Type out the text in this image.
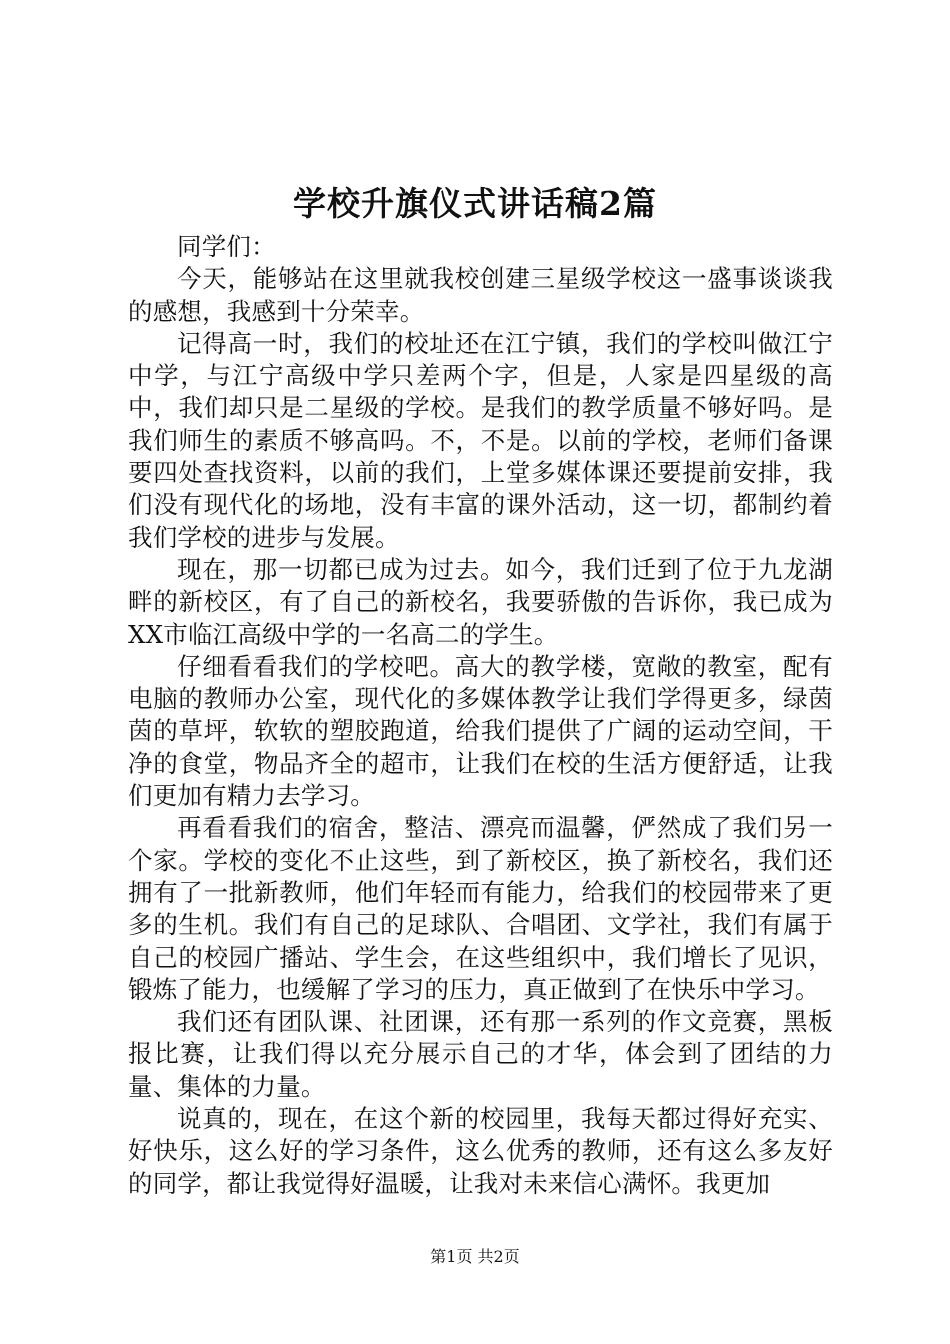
学校升旗仪式讲话稿2篇

同学们：

今天，能够站在这里就我校创建三星级学校这一盛事谈谈我的感想，我感到十分荣幸。

记得高一时，我们的校址还在江宁镇，我们的学校叫做江宁中学，与江宁高级中学只差两个字，但是，人家是四星级的高中，我们却只是二星级的学校。是我们的教学质量不够好吗。是我们师生的素质不够高吗。不，不是。以前的学校，老师们备课要四处查找资料，以前的我们，上堂多媒体课还要提前安排，我们没有现代化的场地，没有丰富的课外活动，这一切，都制约着我们学校的进步与发展。

现在，那一切都已成为过去。如今，我们迁到了位于九龙湖畔的新校区，有了自己的新校名，我要骄傲的告诉你，我已成为XX市临江高级中学的一名高二的学生。

仔细看看我们的学校吧。高大的教学楼，宽敞的教室，配有电脑的教师办公室，现代化的多媒体教学让我们学得更多，绿茵茵的草坪，软软的塑胶跑道，给我们提供了广阔的运动空间，干净的食堂，物品齐全的超市，让我们在校的生活方便舒适，让我们更加有精力去学习。

再看看我们的宿舍，整洁、漂亮而温馨，俨然成了我们另一个家。学校的变化不止这些，到了新校区，换了新校名，我们还拥有了一批新教师，他们年轻而有能力，给我们的校园带来了更多的生机。我们有自己的足球队、合唱团、文学社，我们有属于自己的校园广播站、学生会，在这些组织中，我们增长了见识，锻炼了能力，也缓解了学习的压力，真正做到了在快乐中学习。

我们还有团队课、社团课，还有那一系列的作文竞赛，黑板报比赛，让我们得以充分展示自己的才华，体会到了团结的力量、集体的力量。

说真的，现在，在这个新的校园里，我每天都过得好充实、好快乐，这么好的学习条件，这么优秀的教师，还有这么多友好的同学，都让我觉得好温暖，让我对未来信心满怀。我更加

第1页 共2页
